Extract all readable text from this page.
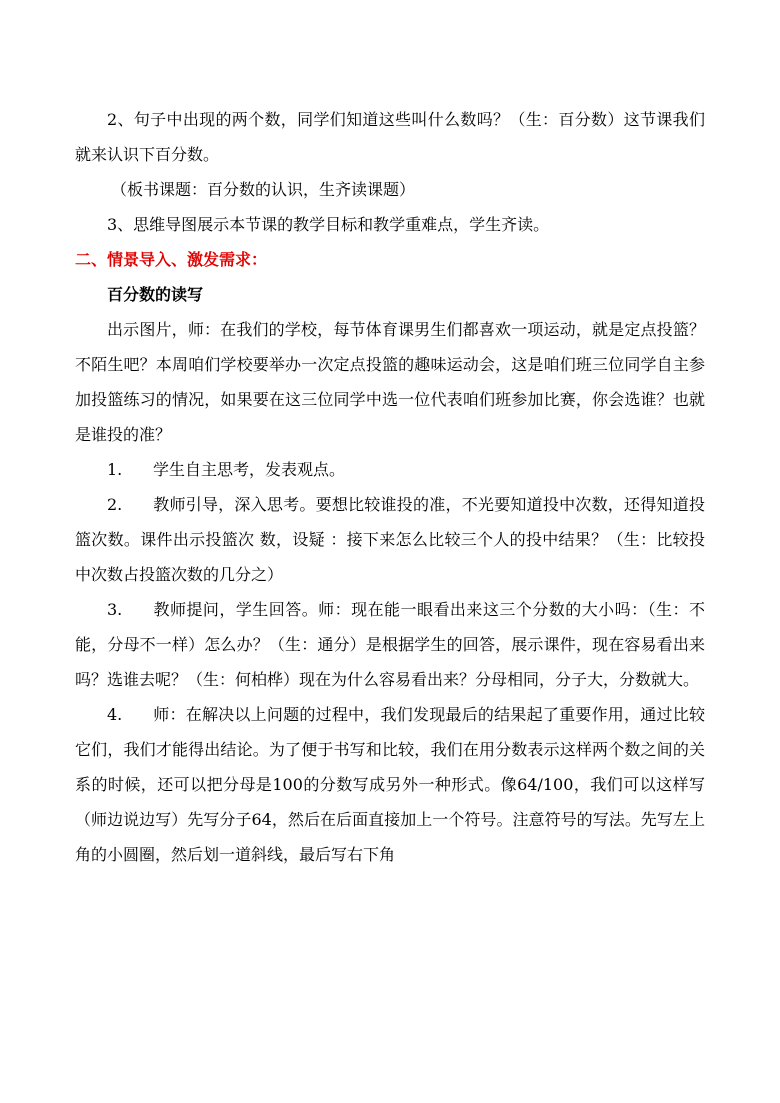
2、句子中出现的两个数，同学们知道这些叫什么数吗？（生：百分数）这节课我们就来认识下百分数。

（板书课题：百分数的认识，生齐读课题）

3、思维导图展示本节课的教学目标和教学重难点，学生齐读。

二、情景导入、激发需求：

百分数的读写

出示图片，师：在我们的学校，每节体育课男生们都喜欢一项运动，就是定点投篮？不陌生吧？本周咱们学校要举办一次定点投篮的趣味运动会，这是咱们班三位同学自主参加投篮练习的情况，如果要在这三位同学中选一位代表咱们班参加比赛，你会选谁？也就是谁投的准？

1. 学生自主思考，发表观点。

2. 教师引导，深入思考。要想比较谁投的准，不光要知道投中次数，还得知道投篮次数。课件出示投篮次 数，设疑 ：接下来怎么比较三个人的投中结果？（生：比较投中次数占投篮次数的几分之）

3. 教师提问，学生回答。师：现在能一眼看出来这三个分数的大小吗：（生：不能，分母不一样）怎么办？（生：通分）是根据学生的回答，展示课件，现在容易看出来吗？选谁去呢？（生：何柏桦）现在为什么容易看出来？分母相同，分子大，分数就大。

4. 师：在解决以上问题的过程中，我们发现最后的结果起了重要作用，通过比较它们，我们才能得出结论。为了便于书写和比较，我们在用分数表示这样两个数之间的关系的时候，还可以把分母是100的分数写成另外一种形式。像64/100，我们可以这样写（师边说边写）先写分子64，然后在后面直接加上一个符号。注意符号的写法。先写左上角的小圆圈，然后划一道斜线，最后写右下角
